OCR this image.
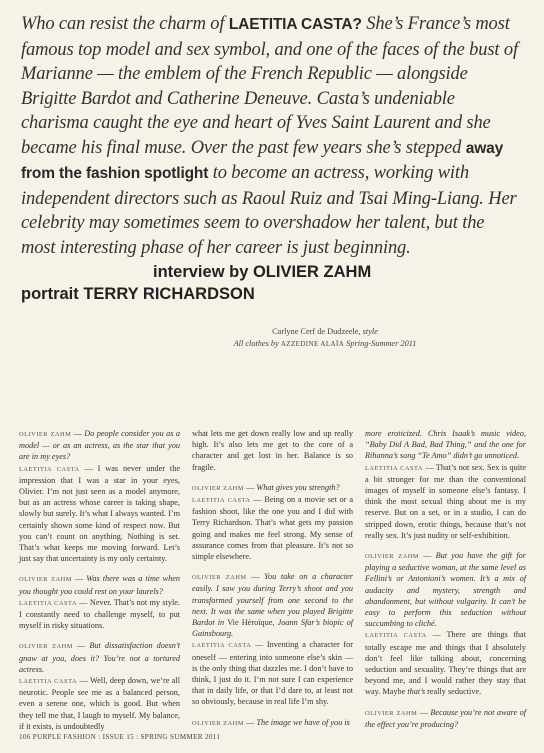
Who can resist the charm of LAETITIA CASTA? She’s France’s most famous top model and sex symbol, and one of the faces of the bust of Marianne — the emblem of the French Republic — alongside Brigitte Bardot and Catherine Deneuve. Casta’s undeniable charisma caught the eye and heart of Yves Saint Laurent and she became his final muse. Over the past few years she’s stepped away from the fashion spotlight to become an actress, working with independent directors such as Raoul Ruiz and Tsai Ming-Liang. Her celebrity may sometimes seem to overshadow her talent, but the most interesting phase of her career is just beginning.
interview by OLIVIER ZAHM
portrait TERRY RICHARDSON
Carlyne Cerf de Dudzeele, style
All clothes by AZZEDINE ALAÏA Spring-Summer 2011

OLIVIER ZAHM — Do people consider you as a model — or as an actress, as the star that you are in my eyes?
LAETITIA CASTA — I was never under the impression that I was a star in your eyes, Olivier. I’m not just seen as a model anymore, but as an actress whose career is taking shape, slowly but surely. It’s what I always wanted. I’m certainly shown some kind of respect now. But you can’t count on anything. Nothing is set. That’s what keeps me moving forward. Let’s just say that uncertainty is my only certainty.

OLIVIER ZAHM — Was there was a time when you thought you could rest on your laurels?
LAETITIA CASTA — Never. That’s not my style. I constantly need to challenge myself, to put myself in risky situations.

OLIVIER ZAHM — But dissatisfaction doesn’t gnaw at you, does it? You’re not a tortured actress.
LAETITIA CASTA — Well, deep down, we’re all neurotic. People see me as a balanced person, even a serene one, which is good. But when they tell me that, I laugh to myself. My balance, if it exists, is undoubtedly

what lets me get down really low and up really high. It’s also lets me get to the core of a character and get lost in her. Balance is so fragile.

OLIVIER ZAHM — What gives you strength?
LAETITIA CASTA — Being on a movie set or a fashion shoot, like the one you and I did with Terry Richardson. That’s what gets my passion going and makes me feel strong. My sense of assurance comes from that pleasure. It’s not so simple elsewhere.

OLIVIER ZAHM — You take on a character easily. I saw you during Terry’s shoot and you transformed yourself from one second to the next. It was the same when you played Brigitte Bardot in Vie Héroïque, Joann Sfar’s biopic of Gainsbourg.
LAETITIA CASTA — Inventing a character for oneself — entering into someone else’s skin — is the only thing that dazzles me. I don’t have to think, I just do it. I’m not sure I can experience that in daily life, or that I’d dare to, at least not so obviously, because in real life I’m shy.

OLIVIER ZAHM — The image we have of you is

more eroticized. Chris Isaak’s music video, “Baby Did A Bad, Bad Thing,” and the one for Rihanna’s song “Te Amo” didn’t go unnoticed.
LAETITIA CASTA — That’s not sex. Sex is quite a bit stronger for me than the conventional images of myself in someone else’s fantasy. I think the most sexual thing about me is my reserve. But on a set, or in a studio, I can do stripped down, erotic things, because that’s not really sex. It’s just nudity or self-exhibition.

OLIVIER ZAHM — But you have the gift for playing a seductive woman, at the same level as Fellini’s or Antonioni’s women. It’s a mix of audacity and mystery, strength and abandonment, but without vulgarity. It can’t be easy to perform this seduction without succumbing to cliché.
LAETITIA CASTA — There are things that totally escape me and things that I absolutely don’t feel like talking about, concerning seduction and sexuality. They’re things that are beyond me, and I would rather they stay that way. Maybe that’s really seductive.

OLIVIER ZAHM — Because you’re not aware of the effect you’re producing?

106 PURPLE FASHION : ISSUE 15 : SPRING SUMMER 2011
